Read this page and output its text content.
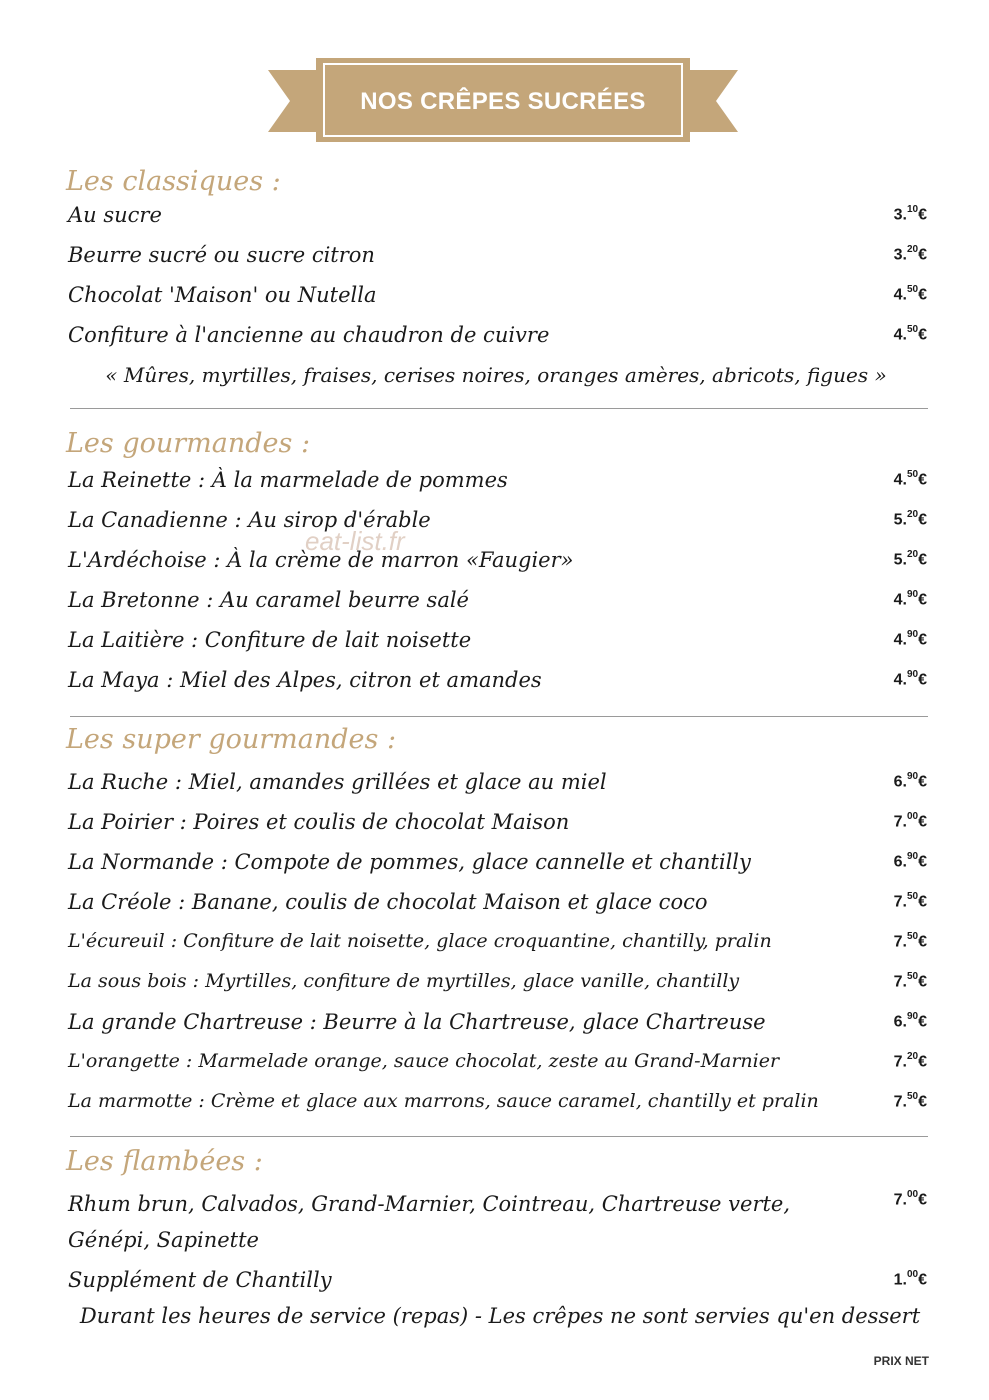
NOS CRÊPES SUCRÉES
Les classiques :
Au sucre	3.10€
Beurre sucré ou sucre citron	3.20€
Chocolat 'Maison' ou Nutella	4.50€
Confiture à l'ancienne au chaudron de cuivre	4.50€
« Mûres, myrtilles, fraises, cerises noires, oranges amères, abricots, figues »
Les gourmandes :
La Reinette : À la marmelade de pommes	4.50€
La Canadienne : Au sirop d'érable	5.20€
L'Ardéchoise : À la crème de marron «Faugier»	5.20€
La Bretonne : Au caramel beurre salé	4.90€
La Laitière : Confiture de lait noisette	4.90€
La Maya : Miel des Alpes, citron et amandes	4.90€
Les super gourmandes :
La Ruche : Miel, amandes grillées et glace au miel	6.90€
La Poirier : Poires et coulis de chocolat Maison	7.00€
La Normande : Compote de pommes, glace cannelle et chantilly	6.90€
La Créole : Banane, coulis de chocolat Maison et glace coco	7.50€
L'écureuil : Confiture de lait noisette, glace croquantine, chantilly, pralin	7.50€
La sous bois : Myrtilles, confiture de myrtilles, glace vanille, chantilly	7.50€
La grande Chartreuse : Beurre à la Chartreuse, glace Chartreuse	6.90€
L'orangette : Marmelade orange, sauce chocolat, zeste au Grand-Marnier	7.20€
La marmotte : Crème et glace aux marrons, sauce caramel, chantilly et pralin	7.50€
Les flambées :
Rhum brun, Calvados, Grand-Marnier, Cointreau, Chartreuse verte,
Génépi, Sapinette
7.00€
Supplément de Chantilly	1.00€
Durant les heures de service (repas) - Les crêpes ne sont servies qu'en dessert
eat-list.fr
PRIX NET
